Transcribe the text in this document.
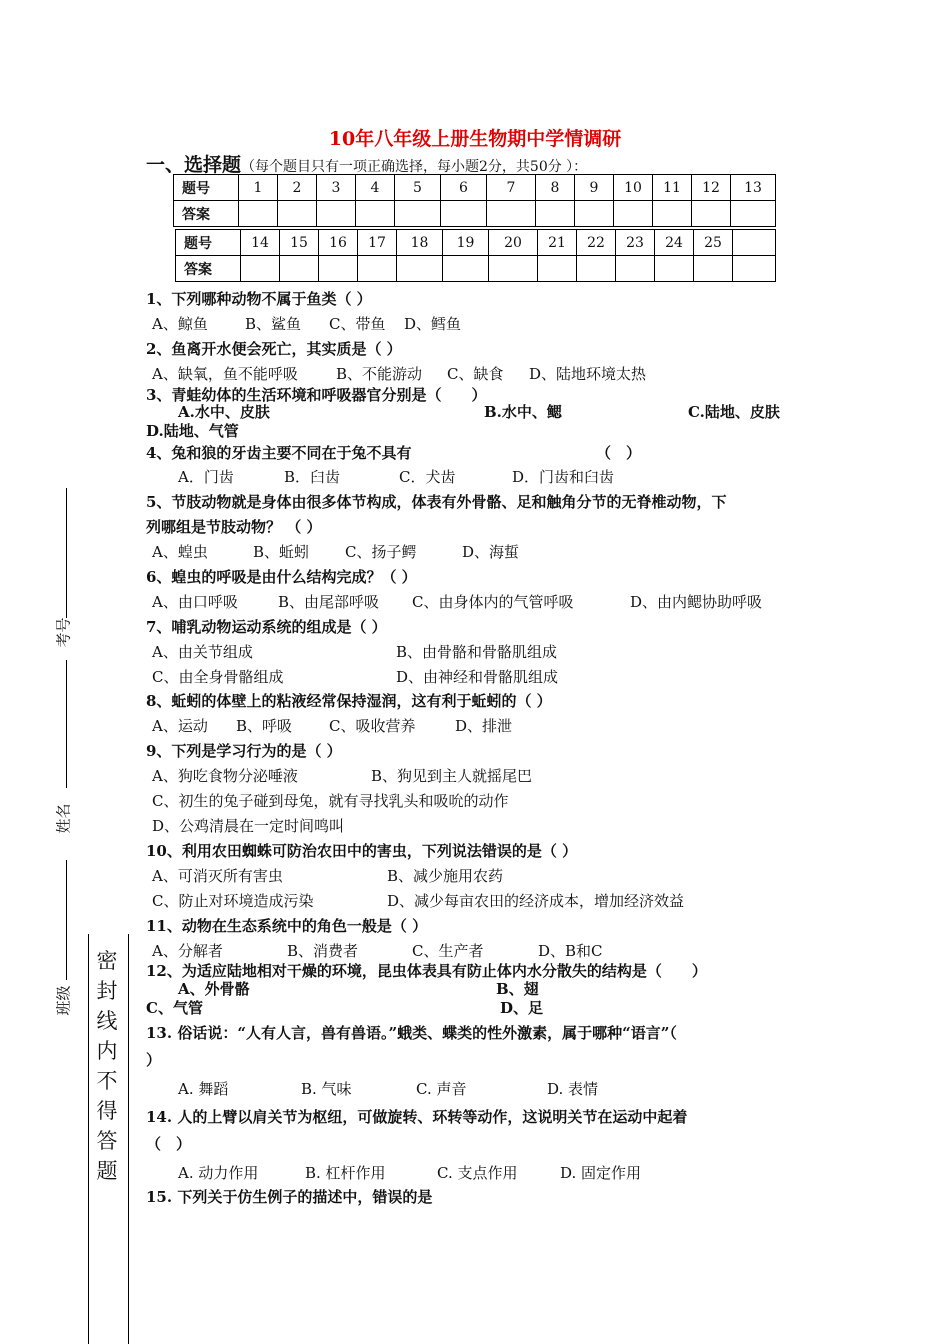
10年八年级上册生物期中学情调研
一、选择题（每个题目只有一项正确选择，每小题2分，共50分 ）：
题号	1	2	3	4	5	6	7	8	9	10	11	12	13
答案													
题号	14	15	16	17	18	19	20	21	22	23	24	25	
答案													
考号
姓名
班级
密封线内不得答题
1、下列哪种动物不属于鱼类（ ）
A、鲸鱼 B、鲨鱼 C、带鱼 D、鳕鱼
2、鱼离开水便会死亡，其实质是（ ）
A、缺氧，鱼不能呼吸	B、不能游动 C、缺食 D、陆地环境太热
3、青蛙幼体的生活环境和呼吸器官分别是（　　）
A.水中、皮肤	B.水中、鳃	C.陆地、皮肤
D.陆地、气管
4、兔和狼的牙齿主要不同在于兔不具有	（　）
A．门齿	B．臼齿	C．犬齿	D．门齿和臼齿
5、节肢动物就是身体由很多体节构成，体表有外骨骼、足和触角分节的无脊椎动物，下
列哪组是节肢动物？ （ ）
A、蝗虫	B、蚯蚓 C、扬子鳄	D、海蜇
6、蝗虫的呼吸是由什么结构完成？（ ）
A、由口呼吸	B、由尾部呼吸 C、由身体内的气管呼吸	D、由内鳃协助呼吸
7、哺乳动物运动系统的组成是（ ）
A、由关节组成	B、由骨骼和骨骼肌组成
C、由全身骨骼组成	D、由神经和骨骼肌组成
8、蚯蚓的体壁上的粘液经常保持湿润，这有利于蚯蚓的（ ）
A、运动 B、呼吸 C、吸收营养	D、排泄
9、下列是学习行为的是（ ）
A、狗吃食物分泌唾液	B、狗见到主人就摇尾巴
C、初生的兔子碰到母兔，就有寻找乳头和吸吮的动作
D、公鸡清晨在一定时间鸣叫
10、利用农田蜘蛛可防治农田中的害虫，下列说法错误的是（ ）
A、可消灭所有害虫	B、减少施用农药
C、防止对环境造成污染	D、减少每亩农田的经济成本，增加经济效益
11、动物在生态系统中的角色一般是（ ）
A、分解者	B、消费者	C、生产者	D、B和C
12、为适应陆地相对干燥的环境，昆虫体表具有防止体内水分散失的结构是（　　）
A、外骨骼	B、翅
C、气管	D、足
13. 俗话说：“人有人言，兽有兽语。”蛾类、蝶类的性外激素，属于哪种“语言”（
）
A. 舞蹈	B. 气味	C. 声音	D. 表情
14. 人的上臂以肩关节为枢纽，可做旋转、环转等动作，这说明关节在运动中起着
（　）
A. 动力作用	B. 杠杆作用	C. 支点作用	D. 固定作用
15. 下列关于仿生例子的描述中，错误的是
